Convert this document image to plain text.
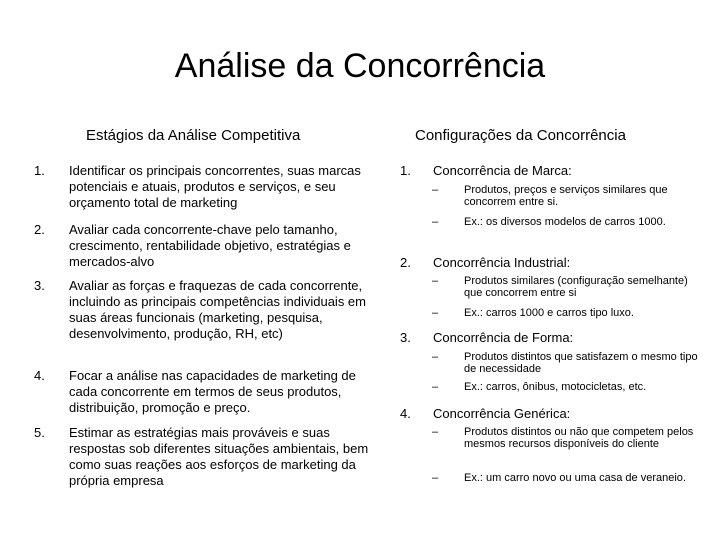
Análise da Concorrência
Estágios da Análise Competitiva	Configurações da Concorrência
1. Identificar os principais concorrentes, suas marcas potenciais e atuais, produtos e serviços, e seu orçamento total de marketing
2. Avaliar cada concorrente-chave pelo tamanho, crescimento, rentabilidade objetivo, estratégias e mercados-alvo
3. Avaliar as forças e fraquezas de cada concorrente, incluindo as principais competências individuais em suas áreas funcionais (marketing, pesquisa, desenvolvimento, produção, RH, etc)
4. Focar a análise nas capacidades de marketing de cada concorrente em termos de seus produtos, distribuição, promoção e preço.
5. Estimar as estratégias mais prováveis e suas respostas sob diferentes situações ambientais, bem como suas reações aos esforços de marketing da própria empresa
1. Concorrência de Marca:
– Produtos, preços e serviços similares que concorrem entre si.
– Ex.: os diversos modelos de carros 1000.
2. Concorrência Industrial:
– Produtos similares (configuração semelhante) que concorrem entre si
– Ex.: carros 1000 e carros tipo luxo.
3. Concorrência de Forma:
– Produtos distintos que satisfazem o mesmo tipo de necessidade
– Ex.: carros, ônibus, motocicletas, etc.
4. Concorrência Genérica:
– Produtos distintos ou não que competem pelos mesmos recursos disponíveis do cliente
– Ex.: um carro novo ou uma casa de veraneio.
